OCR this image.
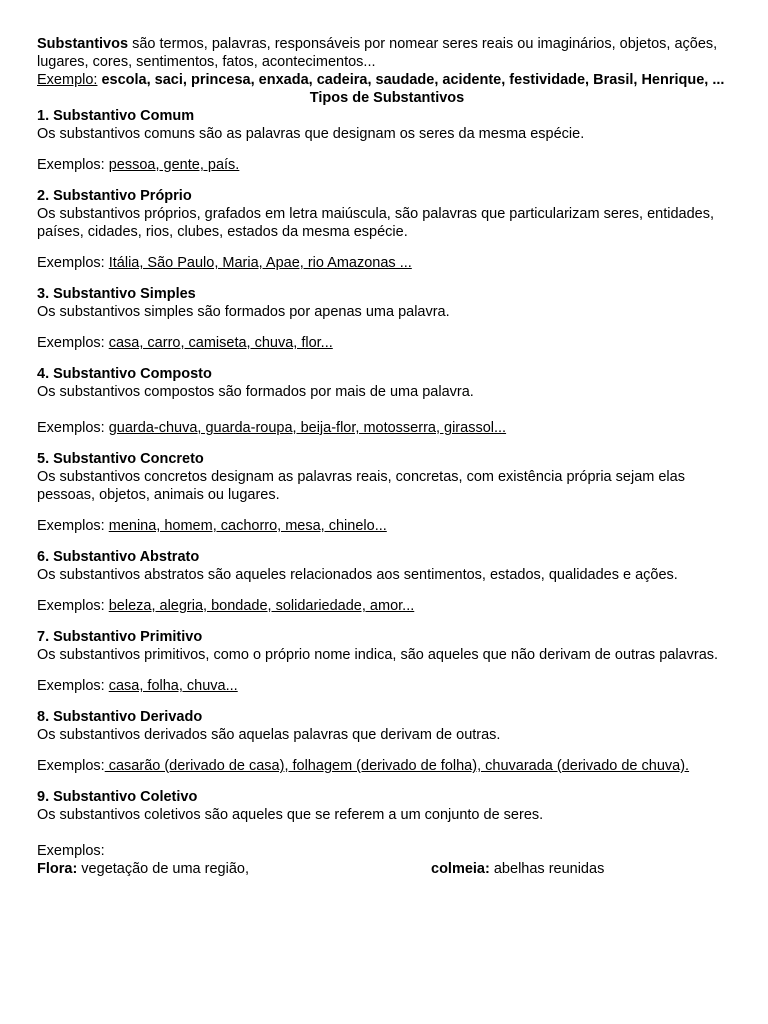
Substantivos são termos, palavras, responsáveis por nomear seres reais ou imaginários, objetos, ações, lugares, cores, sentimentos, fatos, acontecimentos...

Exemplo: escola, saci, princesa, enxada, cadeira, saudade, acidente, festividade, Brasil, Henrique, ...

Tipos de Substantivos

1. Substantivo Comum

Os substantivos comuns são as palavras que designam os seres da mesma espécie.

Exemplos: pessoa, gente, país.

2. Substantivo Próprio

Os substantivos próprios, grafados em letra maiúscula, são palavras que particularizam seres, entidades, países, cidades, rios, clubes, estados da mesma espécie.

Exemplos: Itália, São Paulo, Maria, Apae, rio Amazonas ...

3. Substantivo Simples

Os substantivos simples são formados por apenas uma palavra.

Exemplos: casa, carro, camiseta, chuva, flor...

4. Substantivo Composto

Os substantivos compostos são formados por mais de uma palavra.

Exemplos: guarda-chuva, guarda-roupa, beija-flor, motosserra, girassol...

5. Substantivo Concreto

Os substantivos concretos designam as palavras reais, concretas, com existência própria sejam elas pessoas, objetos, animais ou lugares.

Exemplos: menina, homem, cachorro, mesa, chinelo...

6. Substantivo Abstrato

Os substantivos abstratos são aqueles relacionados aos sentimentos, estados, qualidades e ações.

Exemplos: beleza, alegria, bondade, solidariedade, amor...

7. Substantivo Primitivo

Os substantivos primitivos, como o próprio nome indica, são aqueles que não derivam de outras palavras.

Exemplos: casa, folha, chuva...

8. Substantivo Derivado

Os substantivos derivados são aquelas palavras que derivam de outras.

Exemplos: casarão (derivado de casa), folhagem (derivado de folha), chuvarada (derivado de chuva).

9. Substantivo Coletivo

Os substantivos coletivos são aqueles que se referem a um conjunto de seres.

Exemplos:

Flora: vegetação de uma região,	colmeia: abelhas reunidas
